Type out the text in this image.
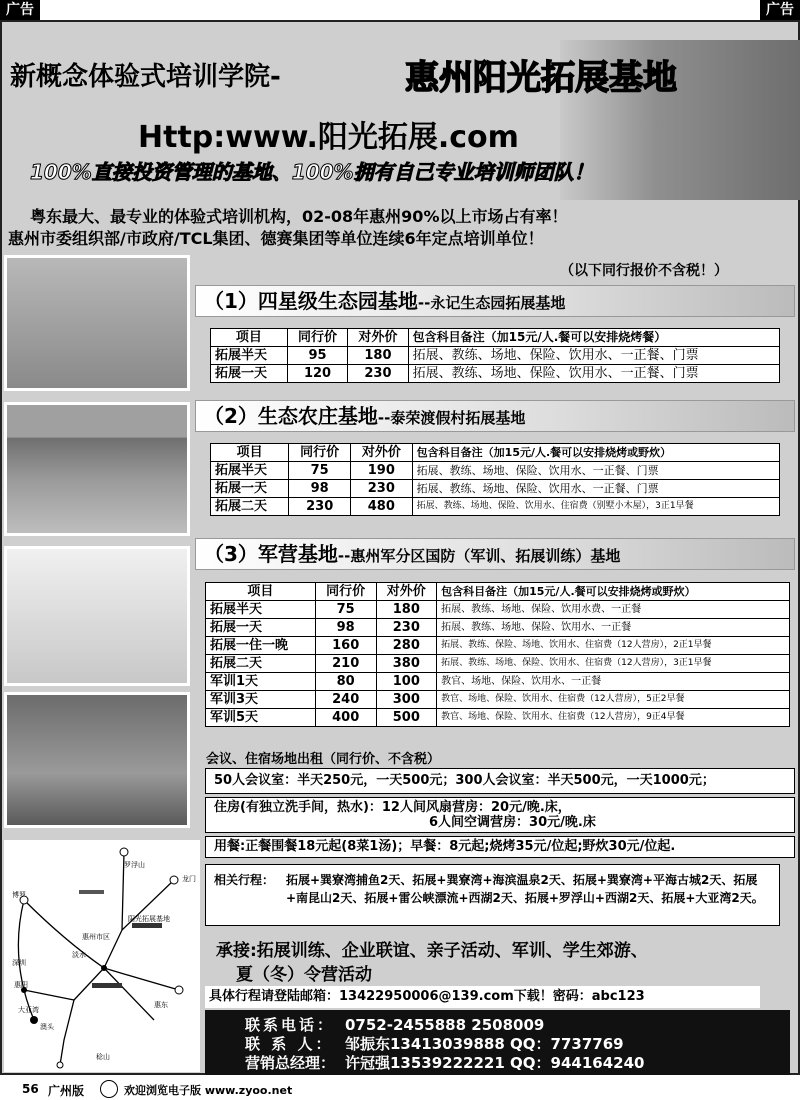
广告	广告
新概念体验式培训学院-	惠州阳光拓展基地
Http:www.阳光拓展.com
100%直接投资管理的基地、100%拥有自己专业培训师团队！
粤东最大、最专业的体验式培训机构，02-08年惠州90%以上市场占有率！
惠州市委组织部/市政府/TCL集团、德赛集团等单位连续6年定点培训单位！
（以下同行报价不含税！）
（1）四星级生态园基地--永记生态园拓展基地
项目	同行价	对外价	包含科目备注（加15元/人.餐可以安排烧烤餐）
拓展半天	95	180	拓展、教练、场地、保险、饮用水、一正餐、门票
拓展一天	120	230	拓展、教练、场地、保险、饮用水、一正餐、门票
（2）生态农庄基地--泰荣渡假村拓展基地
项目	同行价	对外价	包含科目备注（加15元/人.餐可以安排烧烤或野炊）
拓展半天	75	190	拓展、教练、场地、保险、饮用水、一正餐、门票
拓展一天	98	230	拓展、教练、场地、保险、饮用水、一正餐、门票
拓展二天	230	480	拓展、教练、场地、保险、饮用水、住宿费（别墅小木屋），3正1早餐
（3）军营基地--惠州军分区国防（军训、拓展训练）基地
项目	同行价	对外价	包含科目备注（加15元/人.餐可以安排烧烤或野炊）
拓展半天	75	180	拓展、教练、场地、保险、饮用水费、一正餐
拓展一天	98	230	拓展、教练、场地、保险、饮用水、一正餐
拓展一住一晚	160	280	拓展、教练、保险、场地、饮用水、住宿费（12人营房），2正1早餐
拓展二天	210	380	拓展、教练、场地、保险、饮用水、住宿费（12人营房），3正1早餐
军训1天	80	100	教官、场地、保险、饮用水、一正餐
军训3天	240	300	教官、场地、保险、饮用水、住宿费（12人营房），5正2早餐
军训5天	400	500	教官、场地、保险、饮用水、住宿费（12人营房），9正4早餐
会议、住宿场地出租（同行价、不含税）
50人会议室：半天250元，一天500元；300人会议室：半天500元，一天1000元；
住房(有独立洗手间，热水)：12人间风扇营房：20元/晚.床，
6人间空调营房：30元/晚.床
用餐:正餐围餐18元起(8菜1汤)；早餐：8元起;烧烤35元/位起;野炊30元/位起.
相关行程： 拓展+巽寮湾捕鱼2天、拓展+巽寮湾+海滨温泉2天、拓展+巽寮湾+平海古城2天、拓展+南昆山2天、拓展+雷公峡漂流+西湖2天、拓展+罗浮山+西湖2天、拓展+大亚湾2天。
承接:拓展训练、企业联谊、亲子活动、军训、学生郊游、
夏（冬）令营活动
具体行程请登陆邮箱：13422950006@139.com下载！密码：abc123
联系电话： 0752-2455888 2508009
联 系 人： 邹振东13413039888 QQ：7737769
营销总经理： 许冠强13539222221 QQ：944164240
罗浮山
龙门
博罗
惠州市区
阳光拓展基地
惠阳
大亚湾
淡水
深圳
澳头
惠东
稔山
56 广州版	欢迎浏览电子版 www.zyoo.net
